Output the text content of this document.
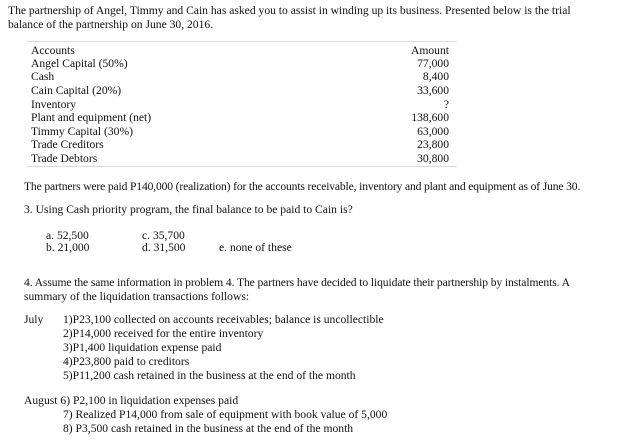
The partnership of Angel, Timmy and Cain has asked you to assist in winding up its business. Presented below is the trial
balance of the partnership on June 30, 2016.
Accounts	Amount
Angel Capital (50%)	77,000
Cash	8,400
Cain Capital (20%)	33,600
Inventory	?
Plant and equipment (net)	138,600
Timmy Capital (30%)	63,000
Trade Creditors	23,800
Trade Debtors	30,800
The partners were paid P140,000 (realization) for the accounts receivable, inventory and plant and equipment as of June 30.
3. Using Cash priority program, the final balance to be paid to Cain is?
a. 52,500
b. 21,000
c. 35,700
d. 31,500	e. none of these
4. Assume the same information in problem 4. The partners have decided to liquidate their partnership by instalments. A
summary of the liquidation transactions follows:
July 1)P23,100 collected on accounts receivables; balance is uncollectible
2)P14,000 received for the entire inventory
3)P1,400 liquidation expense paid
4)P23,800 paid to creditors
5)P11,200 cash retained in the business at the end of the month
August 6) P2,100 in liquidation expenses paid
7) Realized P14,000 from sale of equipment with book value of 5,000
8) P3,500 cash retained in the business at the end of the month
